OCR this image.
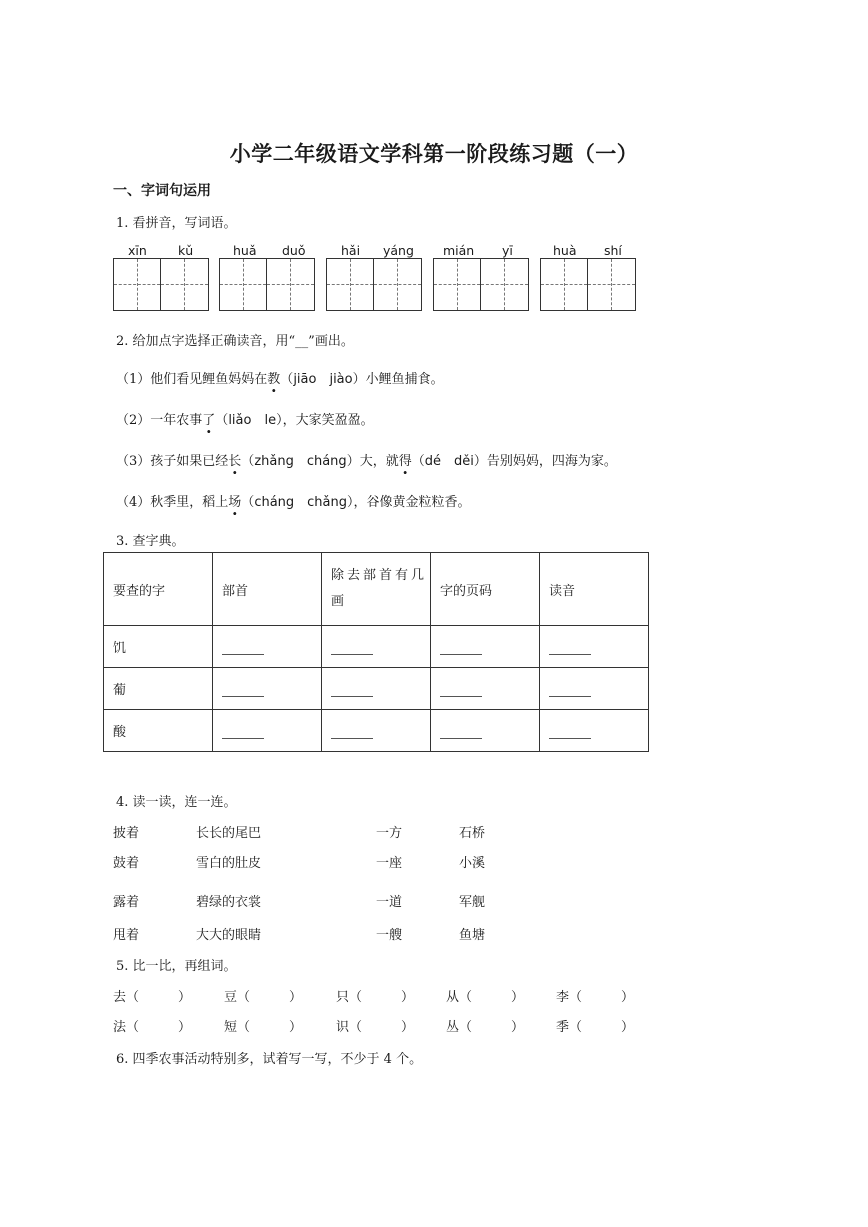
小学二年级语文学科第一阶段练习题（一）
一、字词句运用
1. 看拼音，写词语。
xīn kǔ	huǎ duǒ	hǎi yáng mián yī	huà shí
2. 给加点字选择正确读音，用“__”画出。
（1）他们看见鲤鱼妈妈在教（jiāo　jiào）小鲤鱼捕食。
（2）一年农事了（liǎo　le），大家笑盈盈。
（3）孩子如果已经长（zhǎng　cháng）大，就得（dé　děi）告别妈妈，四海为家。
（4）秋季里，稻上场（cháng　chǎng），谷像黄金粒粒香。
3. 查字典。
要查的字	部首	除去部首有几画	字的页码	读音
饥				
葡				
酸				
4. 读一读，连一连。
披着	长长的尾巴	一方	石桥
鼓着	雪白的肚皮	一座	小溪
露着	碧绿的衣裳	一道	军舰
甩着	大大的眼睛	一艘	鱼塘
5. 比一比，再组词。
去（　　　）	豆（　　　）	只（　　　） 从（　　　） 李（　　　）
法（　　　）	短（　　　）	识（　　　） 丛（　　　） 季（　　　）
6. 四季农事活动特别多，试着写一写，不少于 4 个。
